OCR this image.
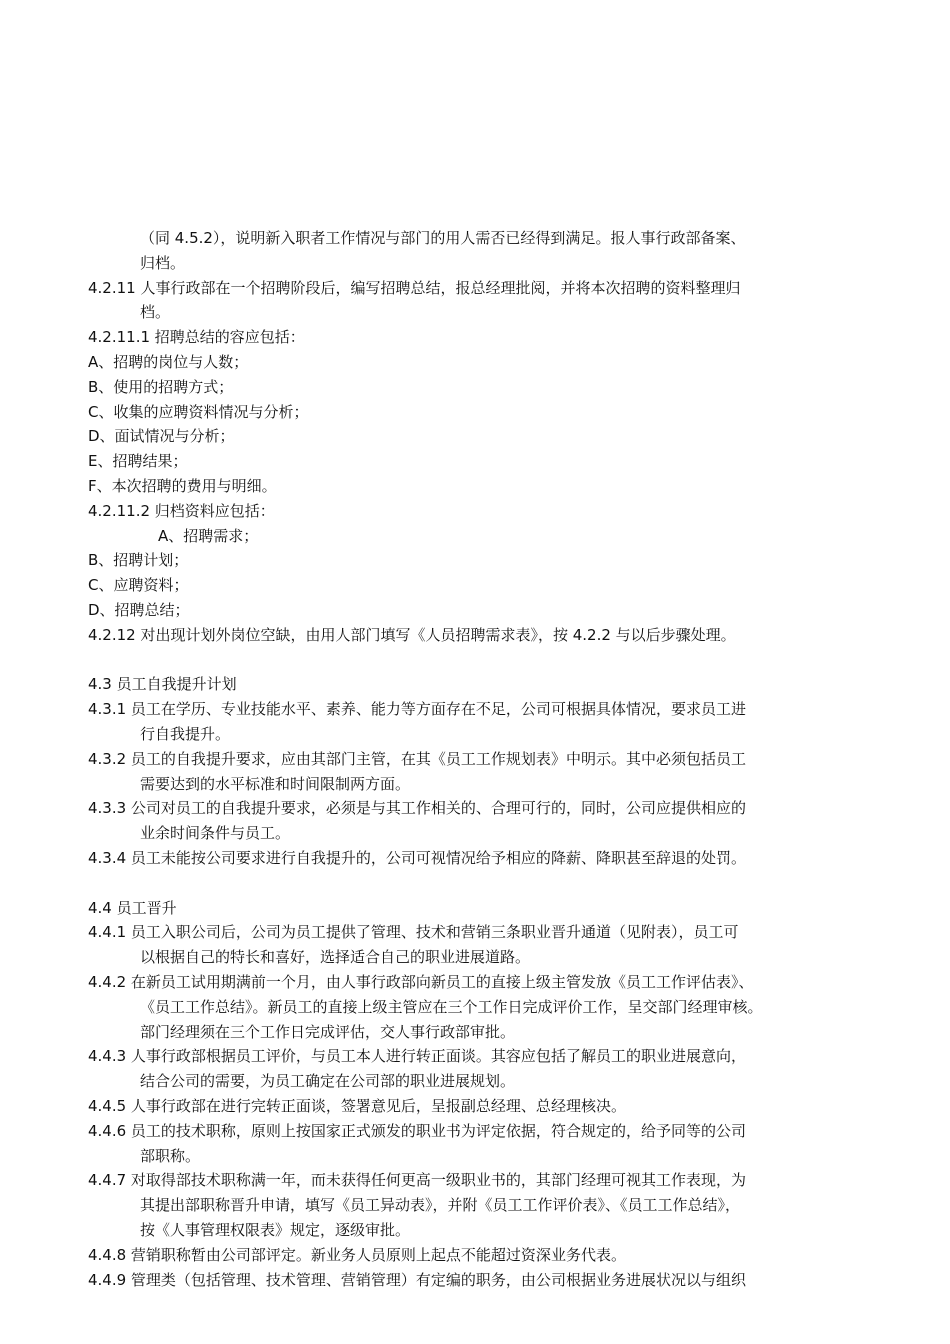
（同 4.5.2），说明新入职者工作情况与部门的用人需否已经得到满足。报人事行政部备案、
归档。
4.2.11 人事行政部在一个招聘阶段后，编写招聘总结，报总经理批阅，并将本次招聘的资料整理归
档。
4.2.11.1 招聘总结的容应包括：
A、招聘的岗位与人数；
B、使用的招聘方式；
C、收集的应聘资料情况与分析；
D、面试情况与分析；
E、招聘结果；
F、本次招聘的费用与明细。
4.2.11.2 归档资料应包括：
A、招聘需求；
B、招聘计划；
C、应聘资料；
D、招聘总结；
4.2.12 对出现计划外岗位空缺，由用人部门填写《人员招聘需求表》，按 4.2.2 与以后步骤处理。
4.3 员工自我提升计划
4.3.1 员工在学历、专业技能水平、素养、能力等方面存在不足，公司可根据具体情况，要求员工进
行自我提升。
4.3.2 员工的自我提升要求，应由其部门主管，在其《员工工作规划表》中明示。其中必须包括员工
需要达到的水平标准和时间限制两方面。
4.3.3 公司对员工的自我提升要求，必须是与其工作相关的、合理可行的，同时，公司应提供相应的
业余时间条件与员工。
4.3.4 员工未能按公司要求进行自我提升的，公司可视情况给予相应的降薪、降职甚至辞退的处罚。
4.4 员工晋升
4.4.1 员工入职公司后，公司为员工提供了管理、技术和营销三条职业晋升通道（见附表），员工可
以根据自己的特长和喜好，选择适合自己的职业进展道路。
4.4.2 在新员工试用期满前一个月，由人事行政部向新员工的直接上级主管发放《员工工作评估表》、
《员工工作总结》。新员工的直接上级主管应在三个工作日完成评价工作，呈交部门经理审核。
部门经理须在三个工作日完成评估，交人事行政部审批。
4.4.3 人事行政部根据员工评价，与员工本人进行转正面谈。其容应包括了解员工的职业进展意向，
结合公司的需要，为员工确定在公司部的职业进展规划。
4.4.5 人事行政部在进行完转正面谈，签署意见后，呈报副总经理、总经理核决。
4.4.6 员工的技术职称，原则上按国家正式颁发的职业书为评定依据，符合规定的，给予同等的公司
部职称。
4.4.7 对取得部技术职称满一年，而未获得任何更高一级职业书的，其部门经理可视其工作表现，为
其提出部职称晋升申请，填写《员工异动表》，并附《员工工作评价表》、《员工工作总结》，
按《人事管理权限表》规定，逐级审批。
4.4.8 营销职称暂由公司部评定。新业务人员原则上起点不能超过资深业务代表。
4.4.9 管理类（包括管理、技术管理、营销管理）有定编的职务，由公司根据业务进展状况以与组织
